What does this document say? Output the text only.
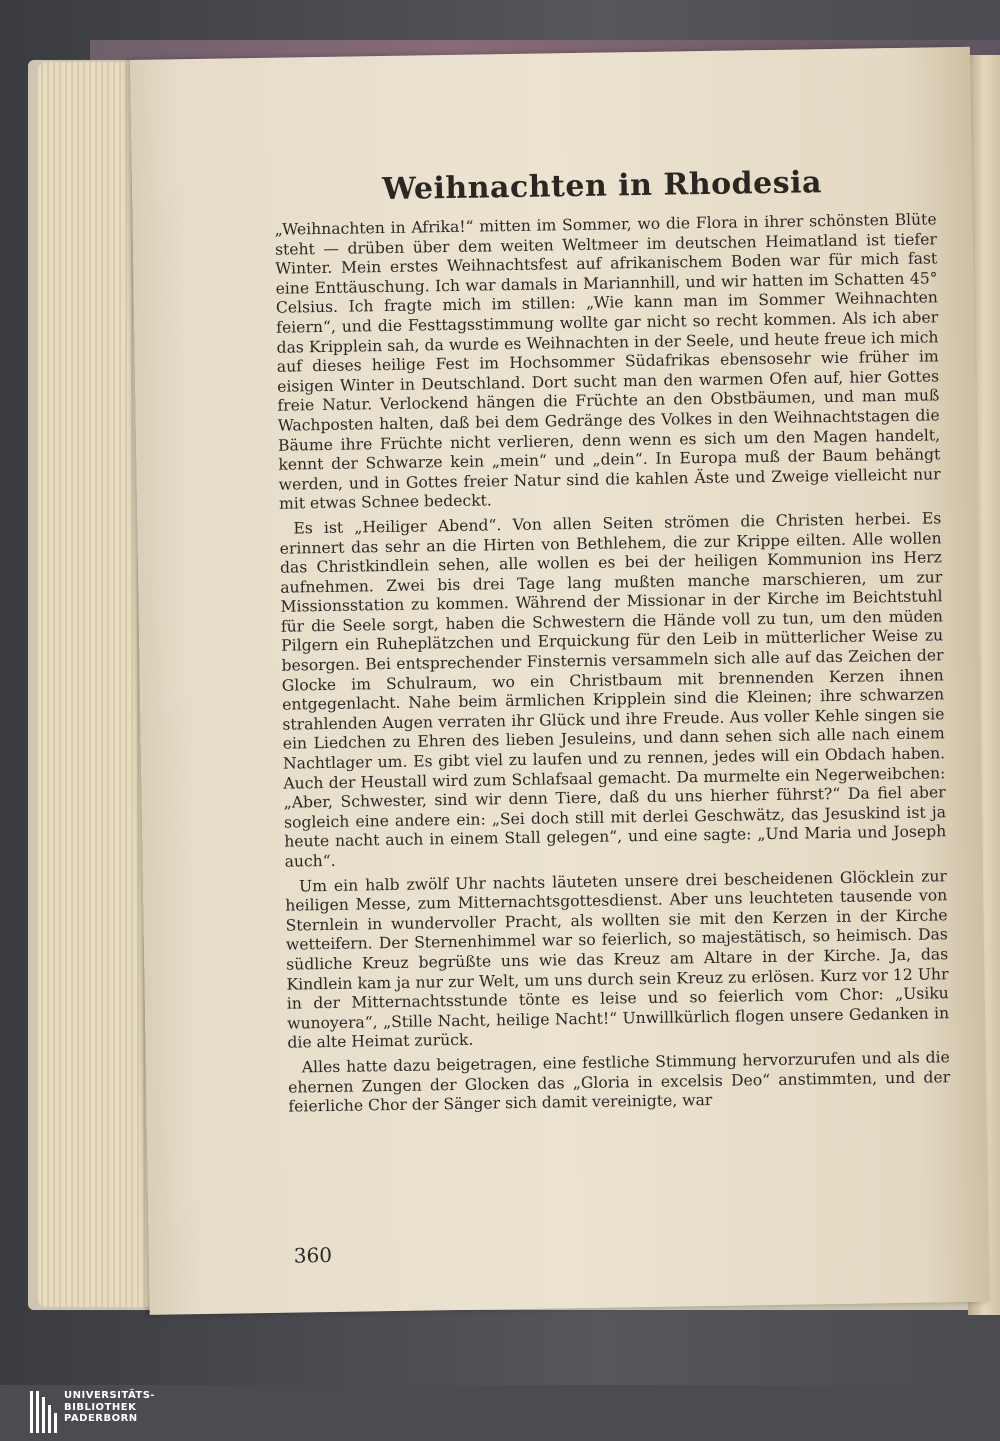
Weihnachten in Rhodesia

„Weihnachten in Afrika!“ mitten im Sommer, wo die Flora in ihrer schönsten Blüte steht — drüben über dem weiten Weltmeer im deutschen Heimatland ist tiefer Winter. Mein erstes Weihnachtsfest auf afrikanischem Boden war für mich fast eine Enttäuschung. Ich war damals in Mariannhill, und wir hatten im Schatten 45° Celsius. Ich fragte mich im stillen: „Wie kann man im Sommer Weihnachten feiern“, und die Festtagsstimmung wollte gar nicht so recht kommen. Als ich aber das Kripplein sah, da wurde es Weihnachten in der Seele, und heute freue ich mich auf dieses heilige Fest im Hochsommer Südafrikas ebensosehr wie früher im eisigen Winter in Deutschland. Dort sucht man den warmen Ofen auf, hier Gottes freie Natur. Verlockend hängen die Früchte an den Obstbäumen, und man muß Wachposten halten, daß bei dem Gedränge des Volkes in den Weihnachtstagen die Bäume ihre Früchte nicht verlieren, denn wenn es sich um den Magen handelt, kennt der Schwarze kein „mein“ und „dein“. In Europa muß der Baum behängt werden, und in Gottes freier Natur sind die kahlen Äste und Zweige vielleicht nur mit etwas Schnee bedeckt.

Es ist „Heiliger Abend“. Von allen Seiten strömen die Christen herbei. Es erinnert das sehr an die Hirten von Bethlehem, die zur Krippe eilten. Alle wollen das Christkindlein sehen, alle wollen es bei der heiligen Kommunion ins Herz aufnehmen. Zwei bis drei Tage lang mußten manche marschieren, um zur Missionsstation zu kommen. Während der Missionar in der Kirche im Beichtstuhl für die Seele sorgt, haben die Schwestern die Hände voll zu tun, um den müden Pilgern ein Ruheplätzchen und Erquickung für den Leib in mütterlicher Weise zu besorgen. Bei entsprechender Finsternis versammeln sich alle auf das Zeichen der Glocke im Schulraum, wo ein Christbaum mit brennenden Kerzen ihnen entgegenlacht. Nahe beim ärmlichen Kripplein sind die Kleinen; ihre schwarzen strahlenden Augen verraten ihr Glück und ihre Freude. Aus voller Kehle singen sie ein Liedchen zu Ehren des lieben Jesuleins, und dann sehen sich alle nach einem Nachtlager um. Es gibt viel zu laufen und zu rennen, jedes will ein Obdach haben. Auch der Heustall wird zum Schlafsaal gemacht. Da murmelte ein Negerweibchen: „Aber, Schwester, sind wir denn Tiere, daß du uns hierher führst?“ Da fiel aber sogleich eine andere ein: „Sei doch still mit derlei Geschwätz, das Jesuskind ist ja heute nacht auch in einem Stall gelegen“, und eine sagte: „Und Maria und Joseph auch“.

Um ein halb zwölf Uhr nachts läuteten unsere drei bescheidenen Glöcklein zur heiligen Messe, zum Mitternachtsgottesdienst. Aber uns leuchteten tausende von Sternlein in wundervoller Pracht, als wollten sie mit den Kerzen in der Kirche wetteifern. Der Sternenhimmel war so feierlich, so majestätisch, so heimisch. Das südliche Kreuz begrüßte uns wie das Kreuz am Altare in der Kirche. Ja, das Kindlein kam ja nur zur Welt, um uns durch sein Kreuz zu erlösen. Kurz vor 12 Uhr in der Mitternachtsstunde tönte es leise und so feierlich vom Chor: „Usiku wunoyera“, „Stille Nacht, heilige Nacht!“ Unwillkürlich flogen unsere Gedanken in die alte Heimat zurück.

Alles hatte dazu beigetragen, eine festliche Stimmung hervorzurufen und als die ehernen Zungen der Glocken das „Gloria in excelsis Deo“ anstimmten, und der feierliche Chor der Sänger sich damit vereinigte, war

360
UNIVERSITÄTS-
BIBLIOTHEK
PADERBORN
